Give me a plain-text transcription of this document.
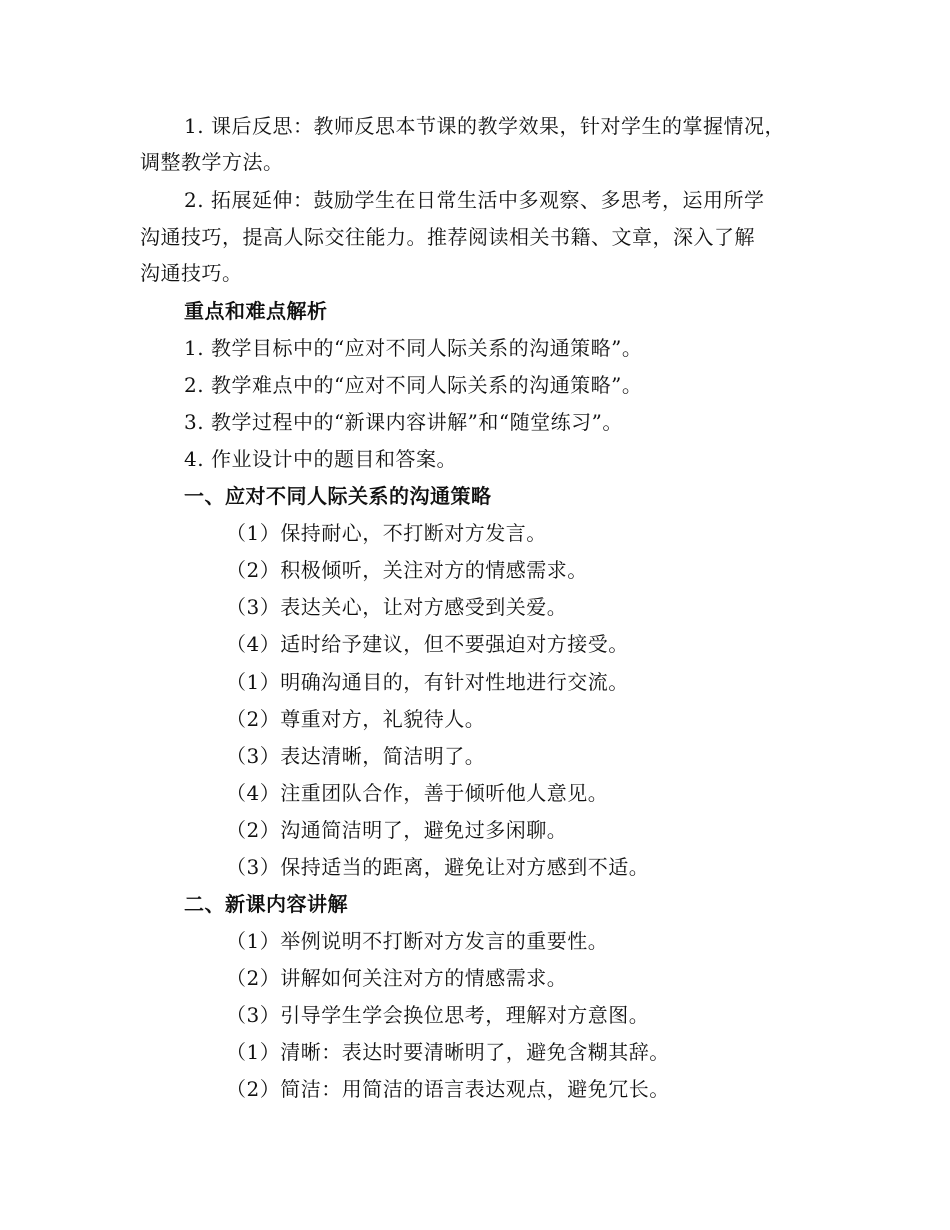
1. 课后反思：教师反思本节课的教学效果，针对学生的掌握情况，
调整教学方法。
2. 拓展延伸：鼓励学生在日常生活中多观察、多思考，运用所学
沟通技巧，提高人际交往能力。推荐阅读相关书籍、文章，深入了解
沟通技巧。
重点和难点解析
1. 教学目标中的“应对不同人际关系的沟通策略”。
2. 教学难点中的“应对不同人际关系的沟通策略”。
3. 教学过程中的“新课内容讲解”和“随堂练习”。
4. 作业设计中的题目和答案。
一、应对不同人际关系的沟通策略
（1）保持耐心，不打断对方发言。
（2）积极倾听，关注对方的情感需求。
（3）表达关心，让对方感受到关爱。
（4）适时给予建议，但不要强迫对方接受。
（1）明确沟通目的，有针对性地进行交流。
（2）尊重对方，礼貌待人。
（3）表达清晰，简洁明了。
（4）注重团队合作，善于倾听他人意见。
（2）沟通简洁明了，避免过多闲聊。
（3）保持适当的距离，避免让对方感到不适。
二、新课内容讲解
（1）举例说明不打断对方发言的重要性。
（2）讲解如何关注对方的情感需求。
（3）引导学生学会换位思考，理解对方意图。
（1）清晰：表达时要清晰明了，避免含糊其辞。
（2）简洁：用简洁的语言表达观点，避免冗长。
